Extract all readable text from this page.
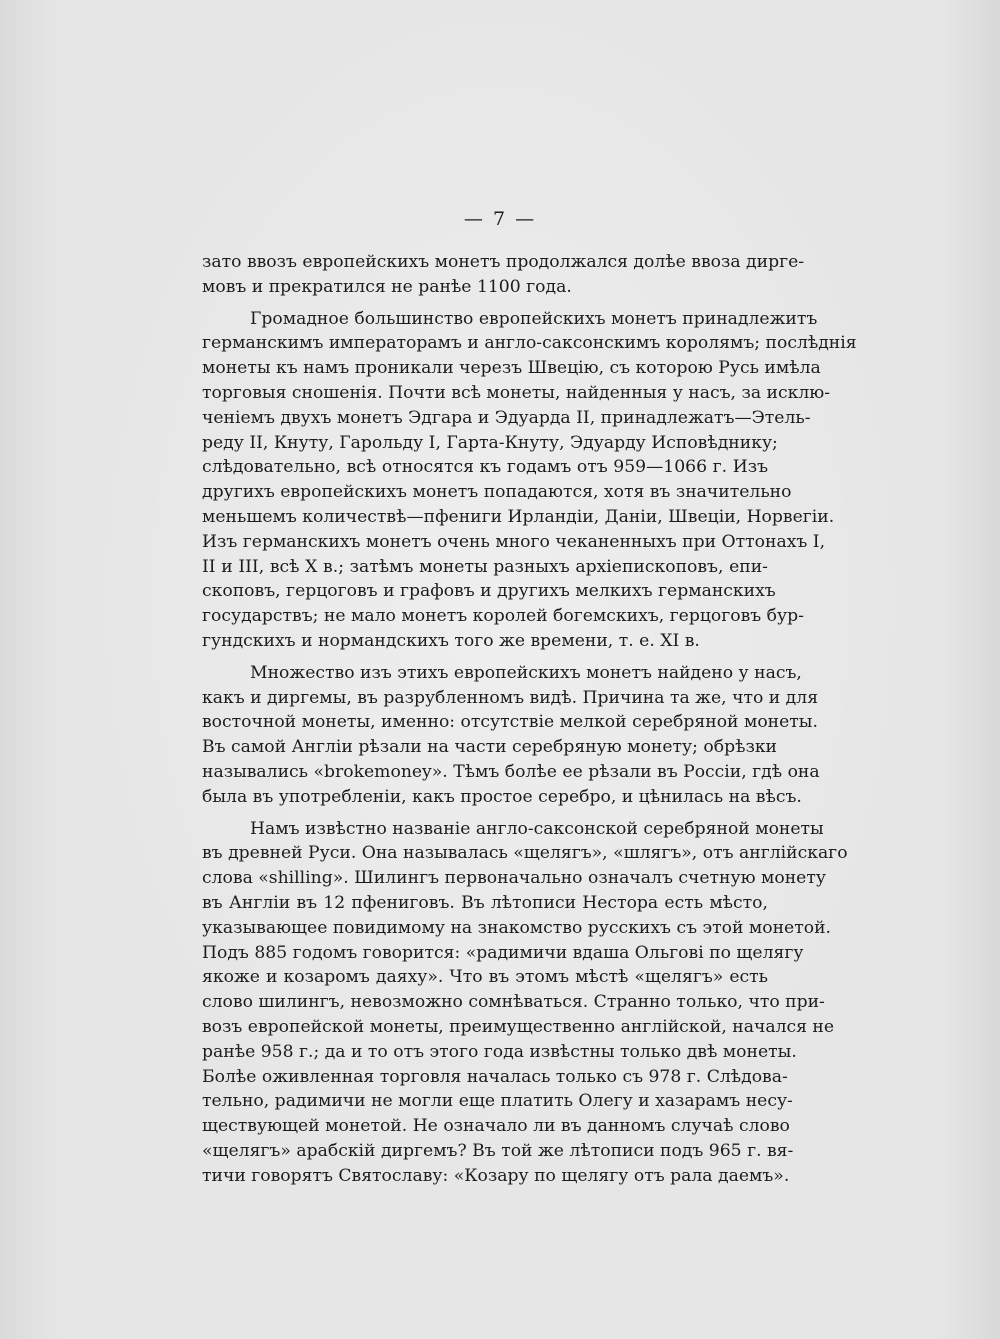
— 7 —

зато ввозъ европейскихъ монетъ продолжался долѣе ввоза дирге-
мовъ и прекратился не ранѣе 1100 года.

Громадное большинство европейскихъ монетъ принадлежитъ
германскимъ императорамъ и англо-саксонскимъ королямъ; послѣднія
монеты къ намъ проникали черезъ Швецію, съ которою Русь имѣла
торговыя сношенія. Почти всѣ монеты, найденныя у насъ, за исклю-
ченіемъ двухъ монетъ Эдгара и Эдуарда II, принадлежатъ—Этель-
реду II, Кнуту, Гарольду I, Гарта-Кнуту, Эдуарду Исповѣднику;
слѣдовательно, всѣ относятся къ годамъ отъ 959—1066 г. Изъ
другихъ европейскихъ монетъ попадаются, хотя въ значительно
меньшемъ количествѣ—пфениги Ирландіи, Даніи, Швеціи, Норвегіи.
Изъ германскихъ монетъ очень много чеканенныхъ при Оттонахъ I,
II и III, всѣ X в.; затѣмъ монеты разныхъ архіепископовъ, епи-
скоповъ, герцоговъ и графовъ и другихъ мелкихъ германскихъ
государствъ; не мало монетъ королей богемскихъ, герцоговъ бур-
гундскихъ и нормандскихъ того же времени, т. е. XI в.

Множество изъ этихъ европейскихъ монетъ найдено у насъ,
какъ и диргемы, въ разрубленномъ видѣ. Причина та же, что и для
восточной монеты, именно: отсутствіе мелкой серебряной монеты.
Въ самой Англіи рѣзали на части серебряную монету; обрѣзки
назывались «brokemoney». Тѣмъ болѣе ее рѣзали въ Россіи, гдѣ она
была въ употребленіи, какъ простое серебро, и цѣнилась на вѣсъ.

Намъ извѣстно названіе англо-саксонской серебряной монеты
въ древней Руси. Она называлась «щелягъ», «шлягъ», отъ англійскаго
слова «shilling». Шилингъ первоначально означалъ счетную монету
въ Англіи въ 12 пфениговъ. Въ лѣтописи Нестора есть мѣсто,
указывающее повидимому на знакомство русскихъ съ этой монетой.
Подъ 885 годомъ говорится: «радимичи вдаша Ольгові по щелягу
якоже и козаромъ даяху». Что въ этомъ мѣстѣ «щелягъ» есть
слово шилингъ, невозможно сомнѣваться. Странно только, что при-
возъ европейской монеты, преимущественно англійской, начался не
ранѣе 958 г.; да и то отъ этого года извѣстны только двѣ монеты.
Болѣе оживленная торговля началась только съ 978 г. Слѣдова-
тельно, радимичи не могли еще платить Олегу и хазарамъ несу-
ществующей монетой. Не означало ли въ данномъ случаѣ слово
«щелягъ» арабскій диргемъ? Въ той же лѣтописи подъ 965 г. вя-
тичи говорятъ Святославу: «Козару по щелягу отъ рала даемъ».
